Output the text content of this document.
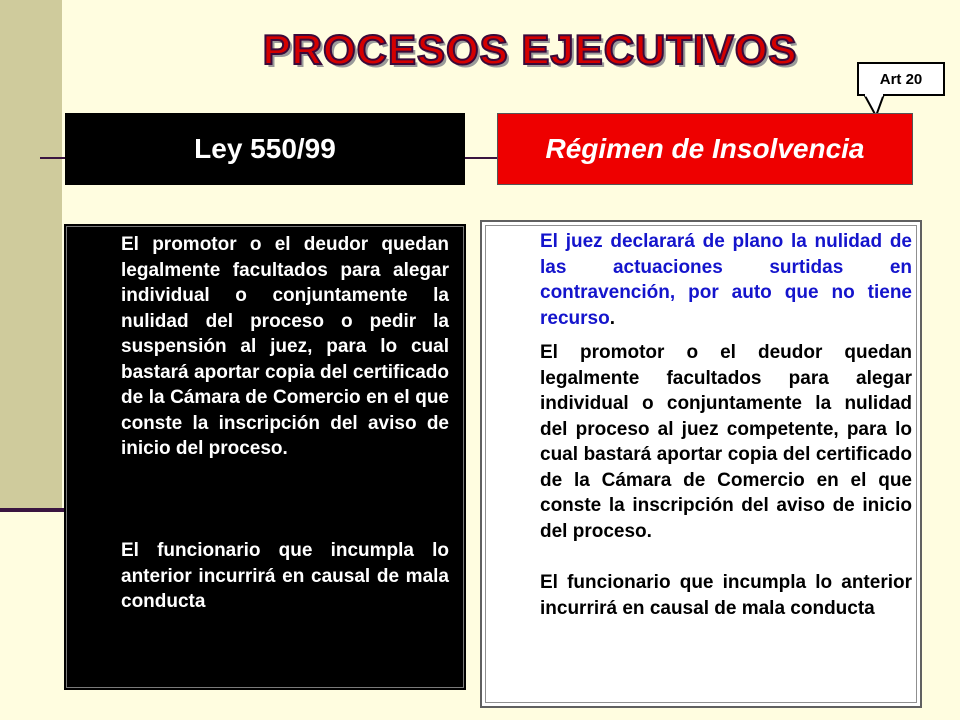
PROCESOS EJECUTIVOS
Art 20
Ley 550/99	Régimen de Insolvencia

El promotor o el deudor quedan legalmente facultados para alegar individual o conjuntamente la nulidad del proceso o pedir la suspensión al juez, para lo cual bastará aportar copia del certificado de la Cámara de Comercio en el que conste la inscripción del aviso de inicio del proceso.

El funcionario que incumpla lo anterior incurrirá en causal de mala conducta

El juez declarará de plano la nulidad de las actuaciones surtidas en contravención, por auto que no tiene recurso.

El promotor o el deudor quedan legalmente facultados para alegar individual o conjuntamente la nulidad del proceso al juez competente, para lo cual bastará aportar copia del certificado de la Cámara de Comercio en el que conste la inscripción del aviso de inicio del proceso.

El funcionario que incumpla lo anterior incurrirá en causal de mala conducta
